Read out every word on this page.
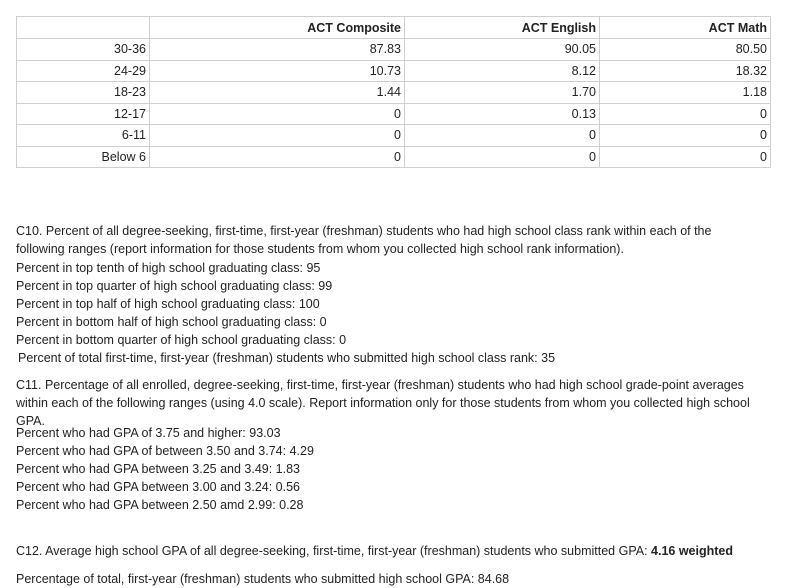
	ACT Composite	ACT English	ACT Math
30-36	87.83	90.05	80.50
24-29	10.73	8.12	18.32
18-23	1.44	1.70	1.18
12-17	0	0.13	0
6-11	0	0	0
Below 6	0	0	0
C10. Percent of all degree-seeking, first-time, first-year (freshman) students who had high school class rank within each of the following ranges (report information for those students from whom you collected high school rank information).
Percent in top tenth of high school graduating class: 95
Percent in top quarter of high school graduating class: 99
Percent in top half of high school graduating class: 100
Percent in bottom half of high school graduating class: 0
Percent in bottom quarter of high school graduating class: 0
Percent of total first-time, first-year (freshman) students who submitted high school class rank: 35
C11. Percentage of all enrolled, degree-seeking, first-time, first-year (freshman) students who had high school grade-point averages within each of the following ranges (using 4.0 scale). Report information only for those students from whom you collected high school GPA.
Percent who had GPA of 3.75 and higher: 93.03
Percent who had GPA of between 3.50 and 3.74: 4.29
Percent who had GPA between 3.25 and 3.49: 1.83
Percent who had GPA between 3.00 and 3.24: 0.56
Percent who had GPA between 2.50 amd 2.99: 0.28
C12. Average high school GPA of all degree-seeking, first-time, first-year (freshman) students who submitted GPA: 4.16 weighted
Percentage of total, first-year (freshman) students who submitted high school GPA: 84.68
